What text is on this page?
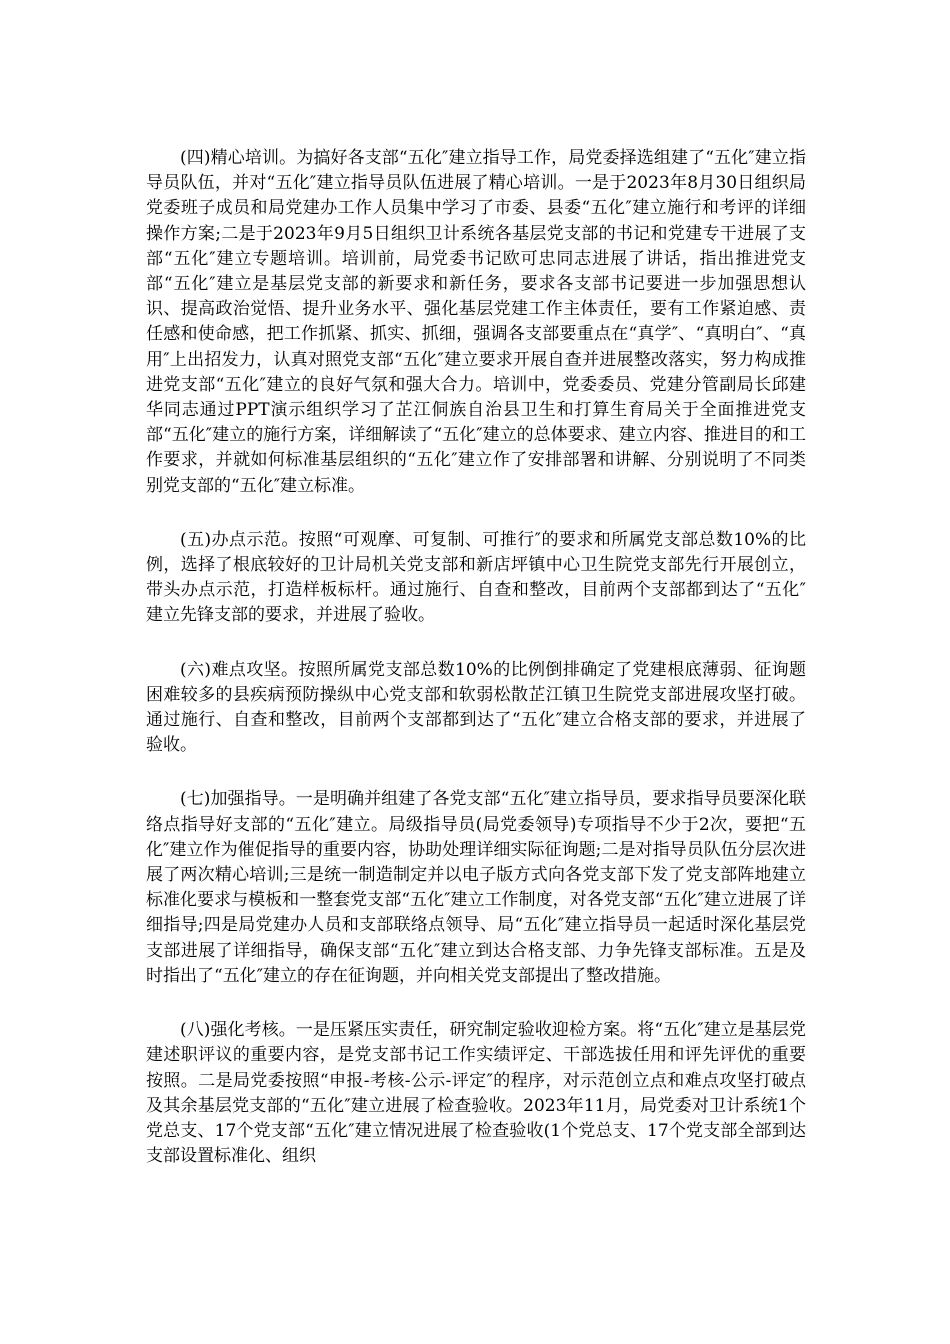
(四)精心培训。为搞好各支部“五化″建立指导工作，局党委择选组建了“五化″建立指导员队伍，并对“五化″建立指导员队伍进展了精心培训。一是于2023年8月30日组织局党委班子成员和局党建办工作人员集中学习了市委、县委“五化″建立施行和考评的详细操作方案;二是于2023年9月5日组织卫计系统各基层党支部的书记和党建专干进展了支部“五化″建立专题培训。培训前，局党委书记欧可忠同志进展了讲话，指出推进党支部“五化″建立是基层党支部的新要求和新任务，要求各支部书记要进一步加强思想认识、提高政治觉悟、提升业务水平、强化基层党建工作主体责任，要有工作紧迫感、责任感和使命感，把工作抓紧、抓实、抓细，强调各支部要重点在“真学″、“真明白″、“真用″上出招发力，认真对照党支部“五化″建立要求开展自查并进展整改落实，努力构成推进党支部“五化″建立的良好气氛和强大合力。培训中，党委委员、党建分管副局长邱建华同志通过PPT演示组织学习了芷江侗族自治县卫生和打算生育局关于全面推进党支部“五化″建立的施行方案，详细解读了“五化″建立的总体要求、建立内容、推进目的和工作要求，并就如何标准基层组织的“五化″建立作了安排部署和讲解、分别说明了不同类别党支部的“五化″建立标准。

(五)办点示范。按照“可观摩、可复制、可推行″的要求和所属党支部总数10%的比例，选择了根底较好的卫计局机关党支部和新店坪镇中心卫生院党支部先行开展创立，带头办点示范，打造样板标杆。通过施行、自查和整改，目前两个支部都到达了“五化″建立先锋支部的要求，并进展了验收。

(六)难点攻坚。按照所属党支部总数10%的比例倒排确定了党建根底薄弱、征询题困难较多的县疾病预防操纵中心党支部和软弱松散芷江镇卫生院党支部进展攻坚打破。通过施行、自查和整改，目前两个支部都到达了“五化″建立合格支部的要求，并进展了验收。

(七)加强指导。一是明确并组建了各党支部“五化″建立指导员，要求指导员要深化联络点指导好支部的“五化″建立。局级指导员(局党委领导)专项指导不少于2次，要把“五化″建立作为催促指导的重要内容，协助处理详细实际征询题;二是对指导员队伍分层次进展了两次精心培训;三是统一制造制定并以电子版方式向各党支部下发了党支部阵地建立标准化要求与模板和一整套党支部“五化″建立工作制度，对各党支部“五化″建立进展了详细指导;四是局党建办人员和支部联络点领导、局“五化″建立指导员一起适时深化基层党支部进展了详细指导，确保支部“五化″建立到达合格支部、力争先锋支部标准。五是及时指出了“五化″建立的存在征询题，并向相关党支部提出了整改措施。

(八)强化考核。一是压紧压实责任，研究制定验收迎检方案。将“五化″建立是基层党建述职评议的重要内容，是党支部书记工作实绩评定、干部选拔任用和评先评优的重要按照。二是局党委按照“申报-考核-公示-评定″的程序，对示范创立点和难点攻坚打破点及其余基层党支部的“五化″建立进展了检查验收。2023年11月，局党委对卫计系统1个党总支、17个党支部“五化″建立情况进展了检查验收(1个党总支、17个党支部全部到达支部设置标准化、组织
